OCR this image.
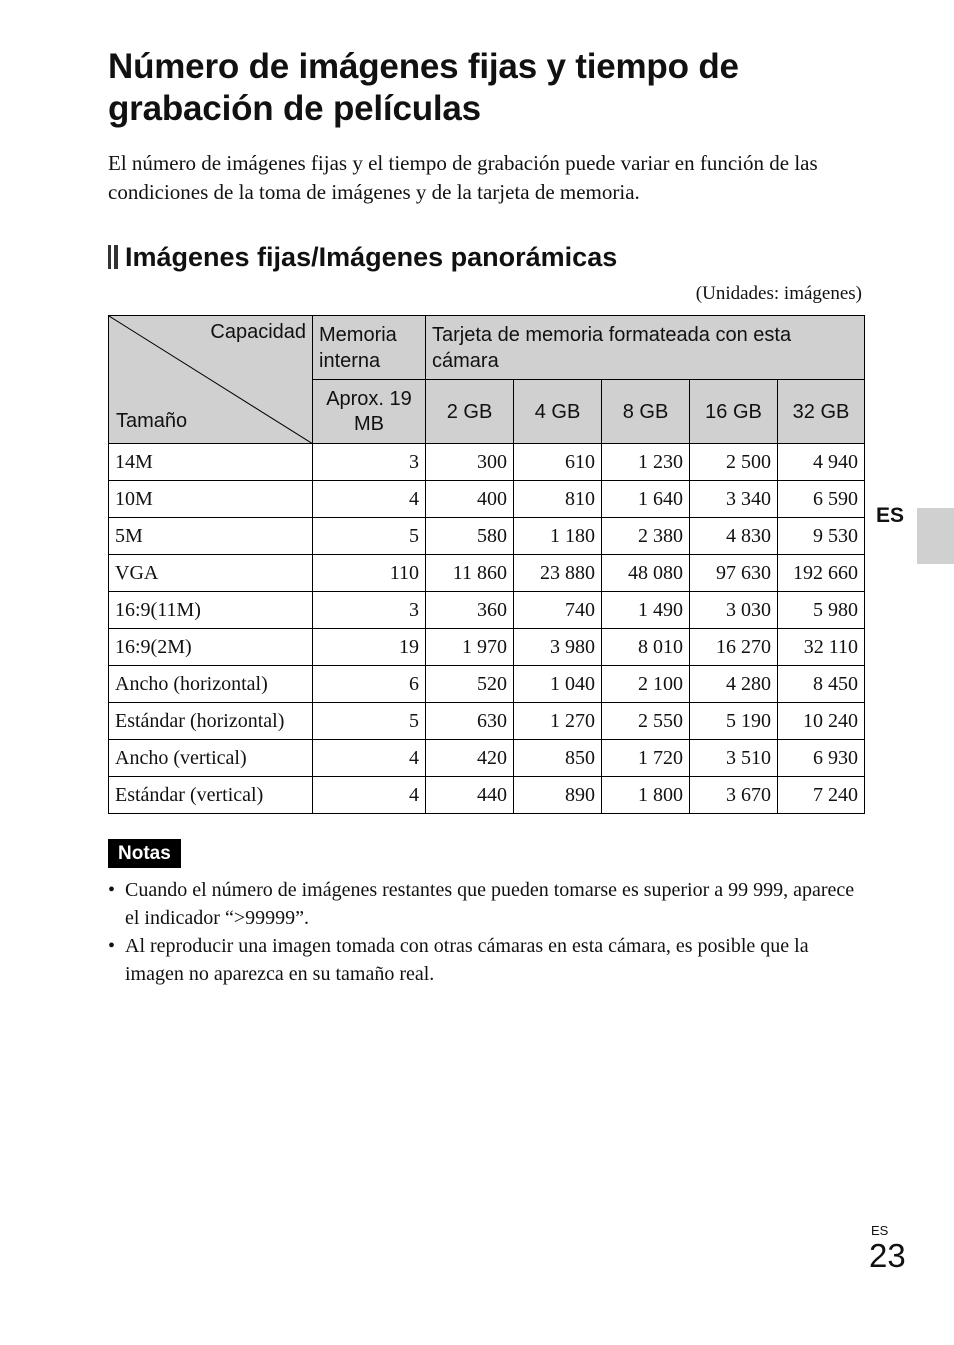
Número de imágenes fijas y tiempo de grabación de películas

El número de imágenes fijas y el tiempo de grabación puede variar en función de las condiciones de la toma de imágenes y de la tarjeta de memoria.

Imágenes fijas/Imágenes panorámicas
(Unidades: imágenes)
Capacidad
Tamaño	Memoria interna	Tarjeta de memoria formateada con esta cámara				
	Aprox. 19 MB	2 GB	4 GB	8 GB	16 GB	32 GB
14M	3	300	610	1 230	2 500	4 940
10M	4	400	810	1 640	3 340	6 590
5M	5	580	1 180	2 380	4 830	9 530
VGA	110	11 860	23 880	48 080	97 630	192 660
16:9(11M)	3	360	740	1 490	3 030	5 980
16:9(2M)	19	1 970	3 980	8 010	16 270	32 110
Ancho (horizontal)	6	520	1 040	2 100	4 280	8 450
Estándar (horizontal)	5	630	1 270	2 550	5 190	10 240
Ancho (vertical)	4	420	850	1 720	3 510	6 930
Estándar (vertical)	4	440	890	1 800	3 670	7 240
Notas
• Cuando el número de imágenes restantes que pueden tomarse es superior a 99 999, aparece el indicador “>99999”.
• Al reproducir una imagen tomada con otras cámaras en esta cámara, es posible que la imagen no aparezca en su tamaño real.
ES
ES
23
